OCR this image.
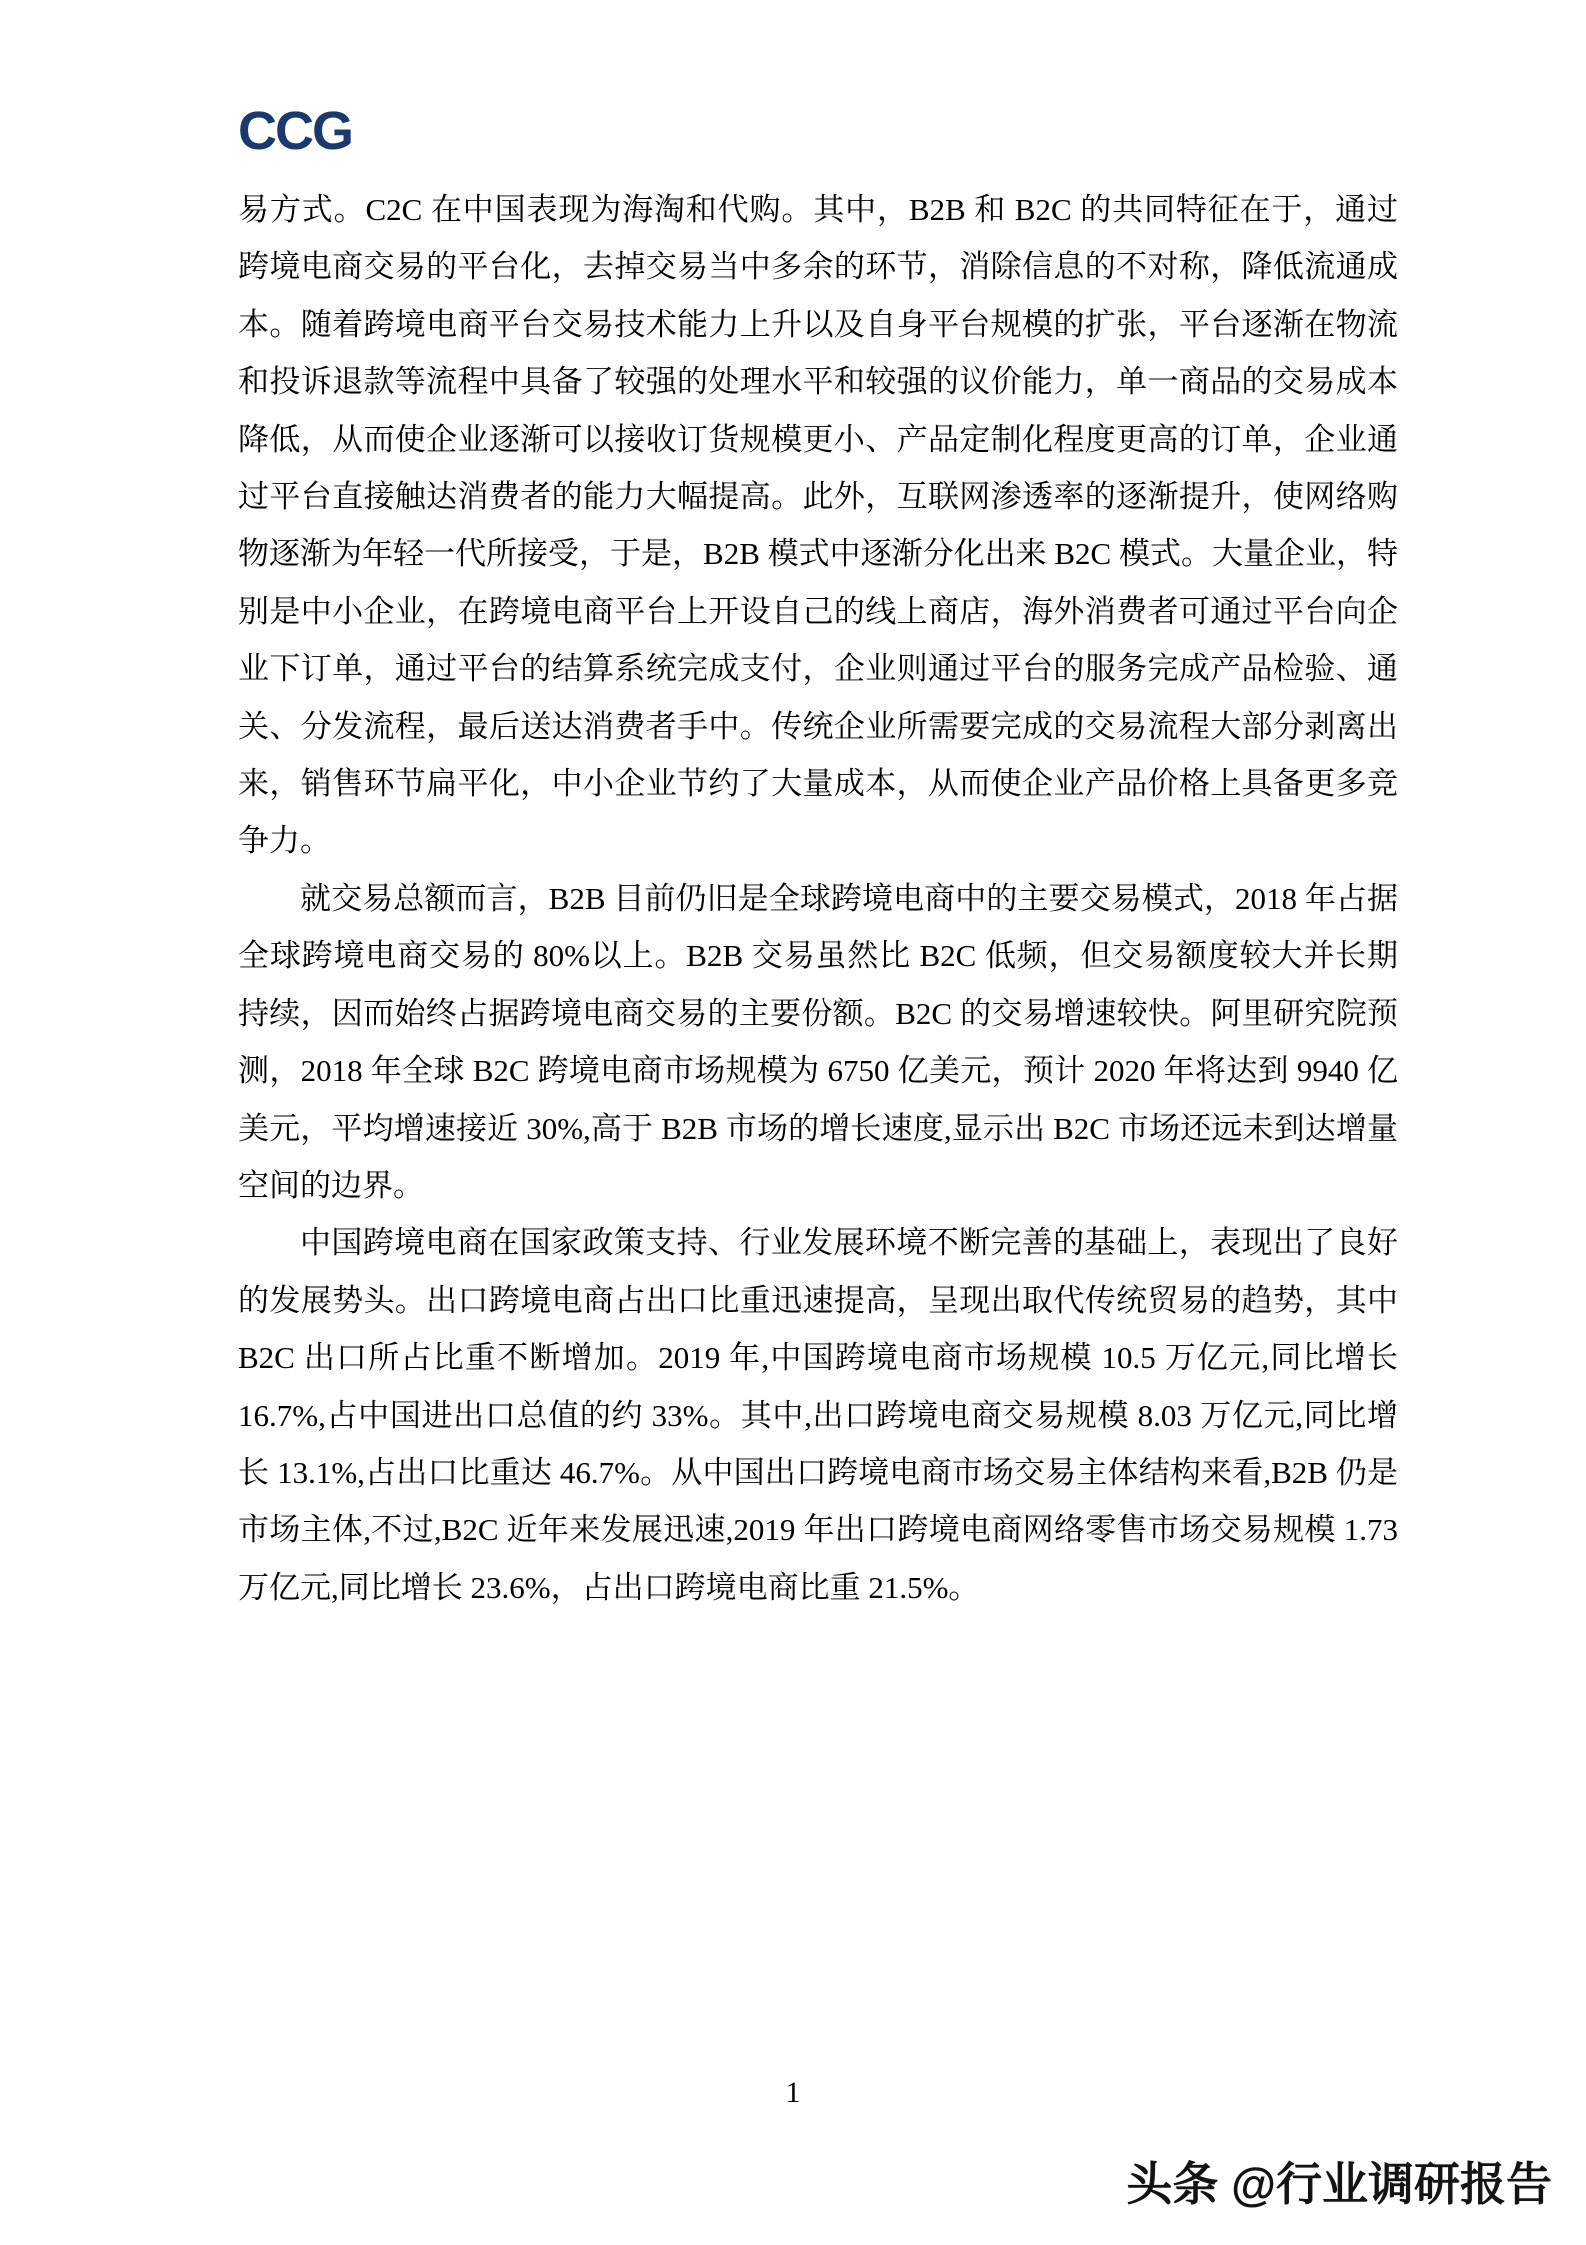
CCG

易方式。C2C 在中国表现为海淘和代购。其中，B2B 和 B2C 的共同特征在于，通过跨境电商交易的平台化，去掉交易当中多余的环节，消除信息的不对称，降低流通成本。随着跨境电商平台交易技术能力上升以及自身平台规模的扩张，平台逐渐在物流和投诉退款等流程中具备了较强的处理水平和较强的议价能力，单一商品的交易成本降低，从而使企业逐渐可以接收订货规模更小、产品定制化程度更高的订单，企业通过平台直接触达消费者的能力大幅提高。此外，互联网渗透率的逐渐提升，使网络购物逐渐为年轻一代所接受，于是，B2B 模式中逐渐分化出来 B2C 模式。大量企业，特别是中小企业，在跨境电商平台上开设自己的线上商店，海外消费者可通过平台向企业下订单，通过平台的结算系统完成支付，企业则通过平台的服务完成产品检验、通关、分发流程，最后送达消费者手中。传统企业所需要完成的交易流程大部分剥离出来，销售环节扁平化，中小企业节约了大量成本，从而使企业产品价格上具备更多竞争力。

就交易总额而言，B2B 目前仍旧是全球跨境电商中的主要交易模式，2018 年占据全球跨境电商交易的 80%以上。B2B 交易虽然比 B2C 低频，但交易额度较大并长期持续，因而始终占据跨境电商交易的主要份额。B2C 的交易增速较快。阿里研究院预测，2018 年全球 B2C 跨境电商市场规模为 6750 亿美元，预计 2020 年将达到 9940 亿美元，平均增速接近 30%,高于 B2B 市场的增长速度,显示出 B2C 市场还远未到达增量空间的边界。

中国跨境电商在国家政策支持、行业发展环境不断完善的基础上，表现出了良好的发展势头。出口跨境电商占出口比重迅速提高，呈现出取代传统贸易的趋势，其中 B2C 出口所占比重不断增加。2019 年,中国跨境电商市场规模 10.5 万亿元,同比增长 16.7%,占中国进出口总值的约 33%。其中,出口跨境电商交易规模 8.03 万亿元,同比增长 13.1%,占出口比重达 46.7%。从中国出口跨境电商市场交易主体结构来看,B2B 仍是市场主体,不过,B2C 近年来发展迅速,2019 年出口跨境电商网络零售市场交易规模 1.73 万亿元,同比增长 23.6%，占出口跨境电商比重 21.5%。

1
头条 @行业调研报告
